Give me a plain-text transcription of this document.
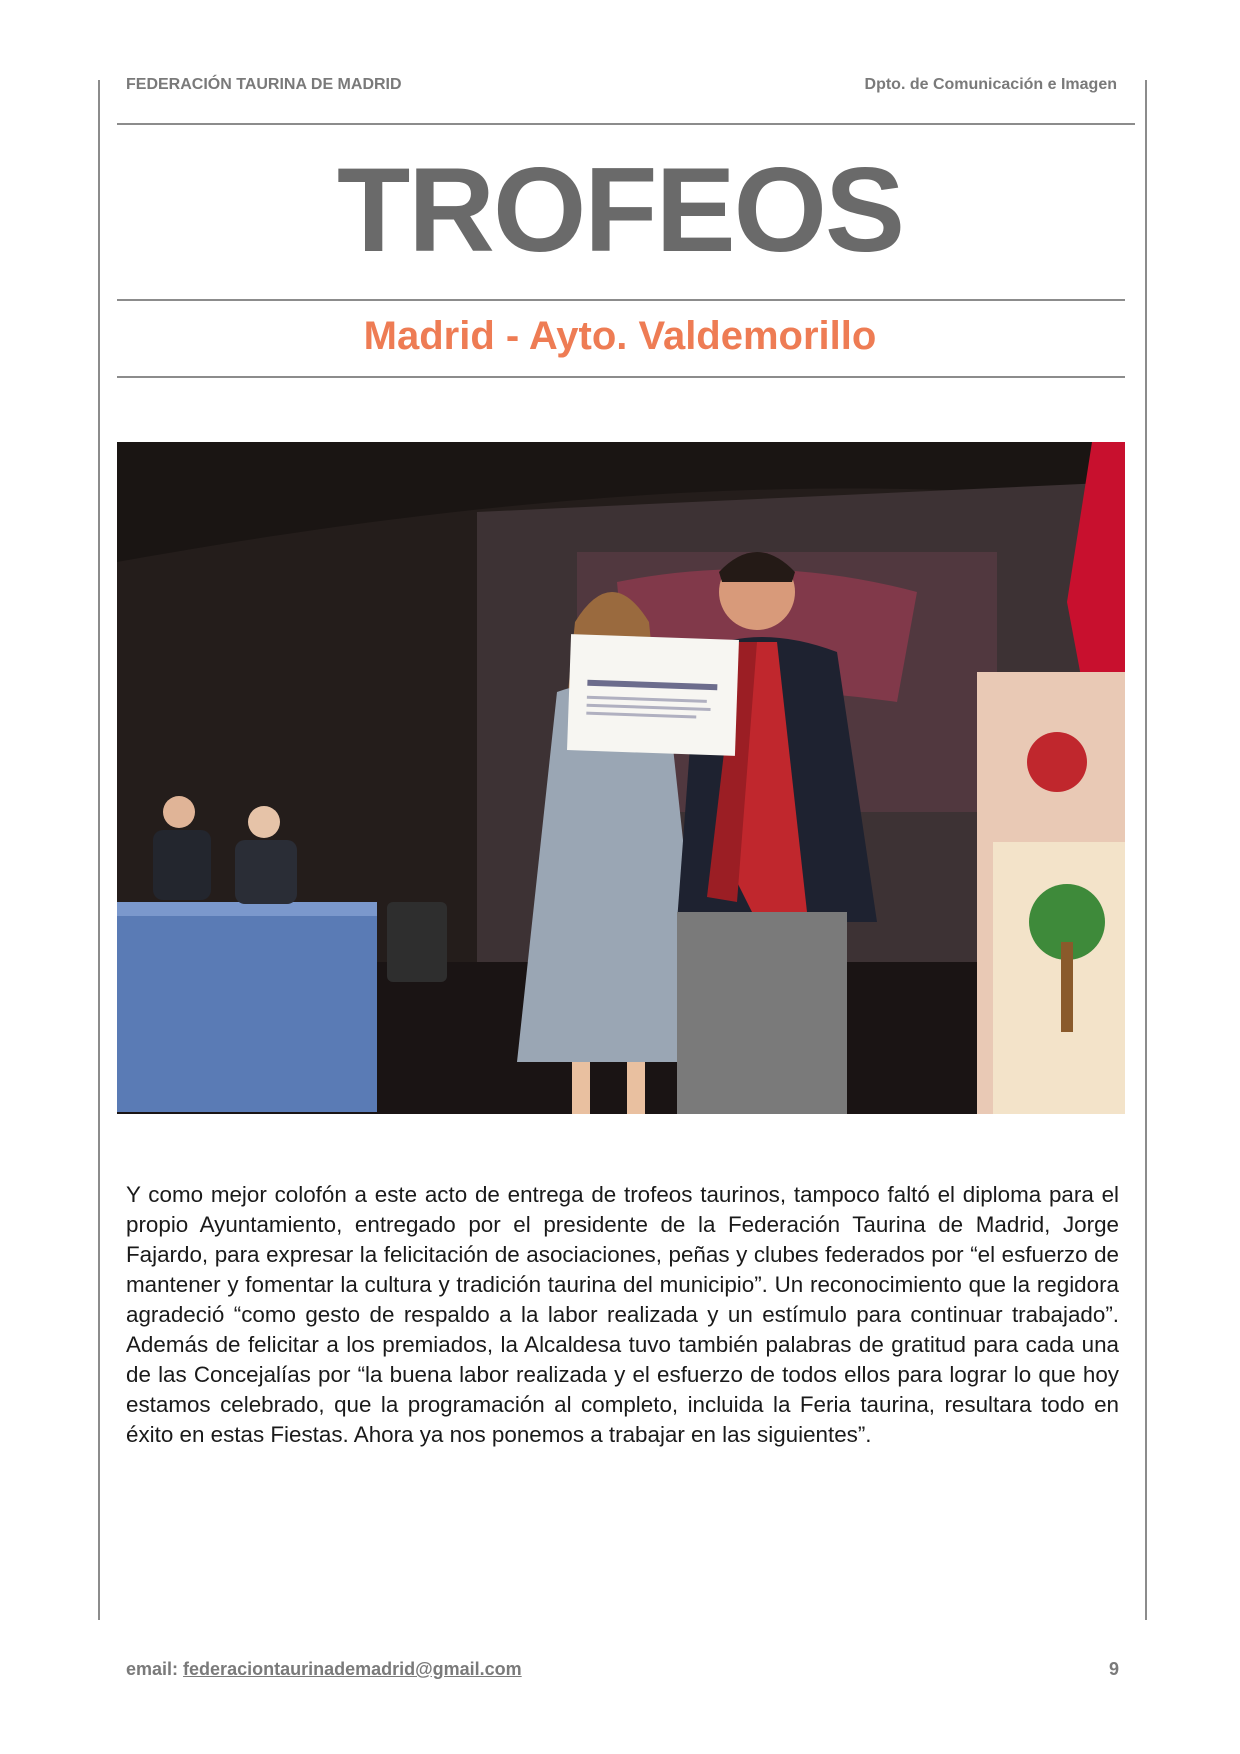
FEDERACIÓN TAURINA DE MADRID	Dpto. de Comunicación e Imagen
TROFEOS
Madrid - Ayto. Valdemorillo
Y como mejor colofón a este acto de entrega de trofeos taurinos, tampoco faltó el diploma para el propio Ayuntamiento, entregado por el presidente de la Federación Taurina de Madrid, Jorge Fajardo, para expresar la felicitación de asociaciones, peñas y clubes federados por “el esfuerzo de mantener y fomentar la cultura y tradición taurina del municipio”. Un reconocimiento que la regidora agradeció “como gesto de respaldo a la labor realizada y un estímulo para continuar trabajado”. Además de felicitar a los premiados, la Alcaldesa tuvo también palabras de gratitud para cada una de las Concejalías por “la buena labor realizada y el esfuerzo de todos ellos para lograr lo que hoy estamos celebrado, que la programación al completo, incluida la Feria taurina, resultara todo en éxito en estas Fiestas. Ahora ya nos ponemos a trabajar en las siguientes”.
email: federaciontaurinademadrid@gmail.com	9
